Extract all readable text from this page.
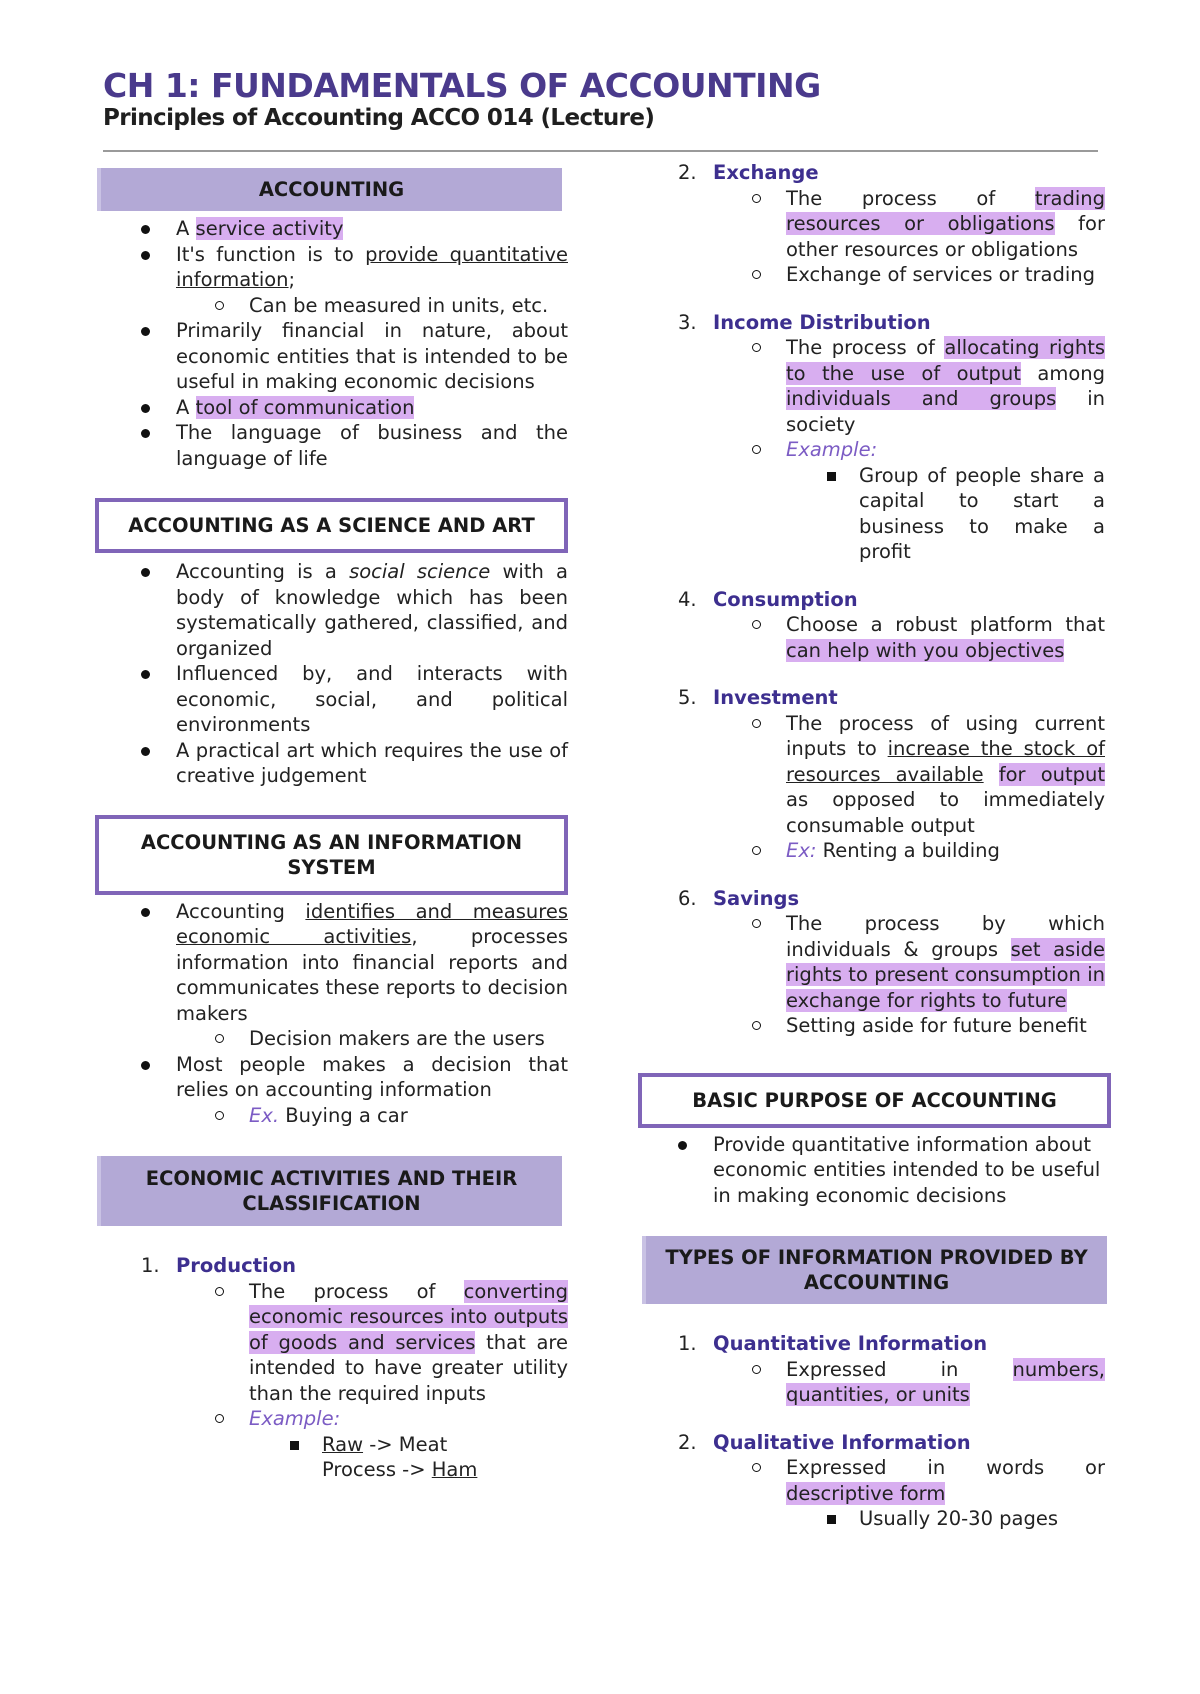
CH 1: FUNDAMENTALS OF ACCOUNTING
Principles of Accounting ACCO 014 (Lecture)
ACCOUNTING
A service activity
It's function is to provide quantitative information;
Can be measured in units, etc.
Primarily financial in nature, about economic entities that is intended to be useful in making economic decisions
A tool of communication
The language of business and the language of life
ACCOUNTING AS A SCIENCE AND ART
Accounting is a social science with a body of knowledge which has been systematically gathered, classified, and organized
Influenced by, and interacts with economic, social, and political environments
A practical art which requires the use of creative judgement
ACCOUNTING AS AN INFORMATION SYSTEM
Accounting identifies and measures economic activities, processes information into financial reports and communicates these reports to decision makers
Decision makers are the users
Most people makes a decision that relies on accounting information
Ex. Buying a car
ECONOMIC ACTIVITIES AND THEIR CLASSIFICATION
1. Production
The process of converting economic resources into outputs of goods and services that are intended to have greater utility than the required inputs
Example:
Raw -> Meat
Process -> Ham
2. Exchange
The process of trading resources or obligations for other resources or obligations
Exchange of services or trading
3. Income Distribution
The process of allocating rights to the use of output among individuals and groups in society
Example:
Group of people share a capital to start a business to make a profit
4. Consumption
Choose a robust platform that can help with you objectives
5. Investment
The process of using current inputs to increase the stock of resources available for output as opposed to immediately consumable output
Ex: Renting a building
6. Savings
The process by which individuals & groups set aside rights to present consumption in exchange for rights to future
Setting aside for future benefit
BASIC PURPOSE OF ACCOUNTING
Provide quantitative information about economic entities intended to be useful in making economic decisions
TYPES OF INFORMATION PROVIDED BY ACCOUNTING
1. Quantitative Information
Expressed in numbers, quantities, or units
2. Qualitative Information
Expressed in words or descriptive form
Usually 20-30 pages
